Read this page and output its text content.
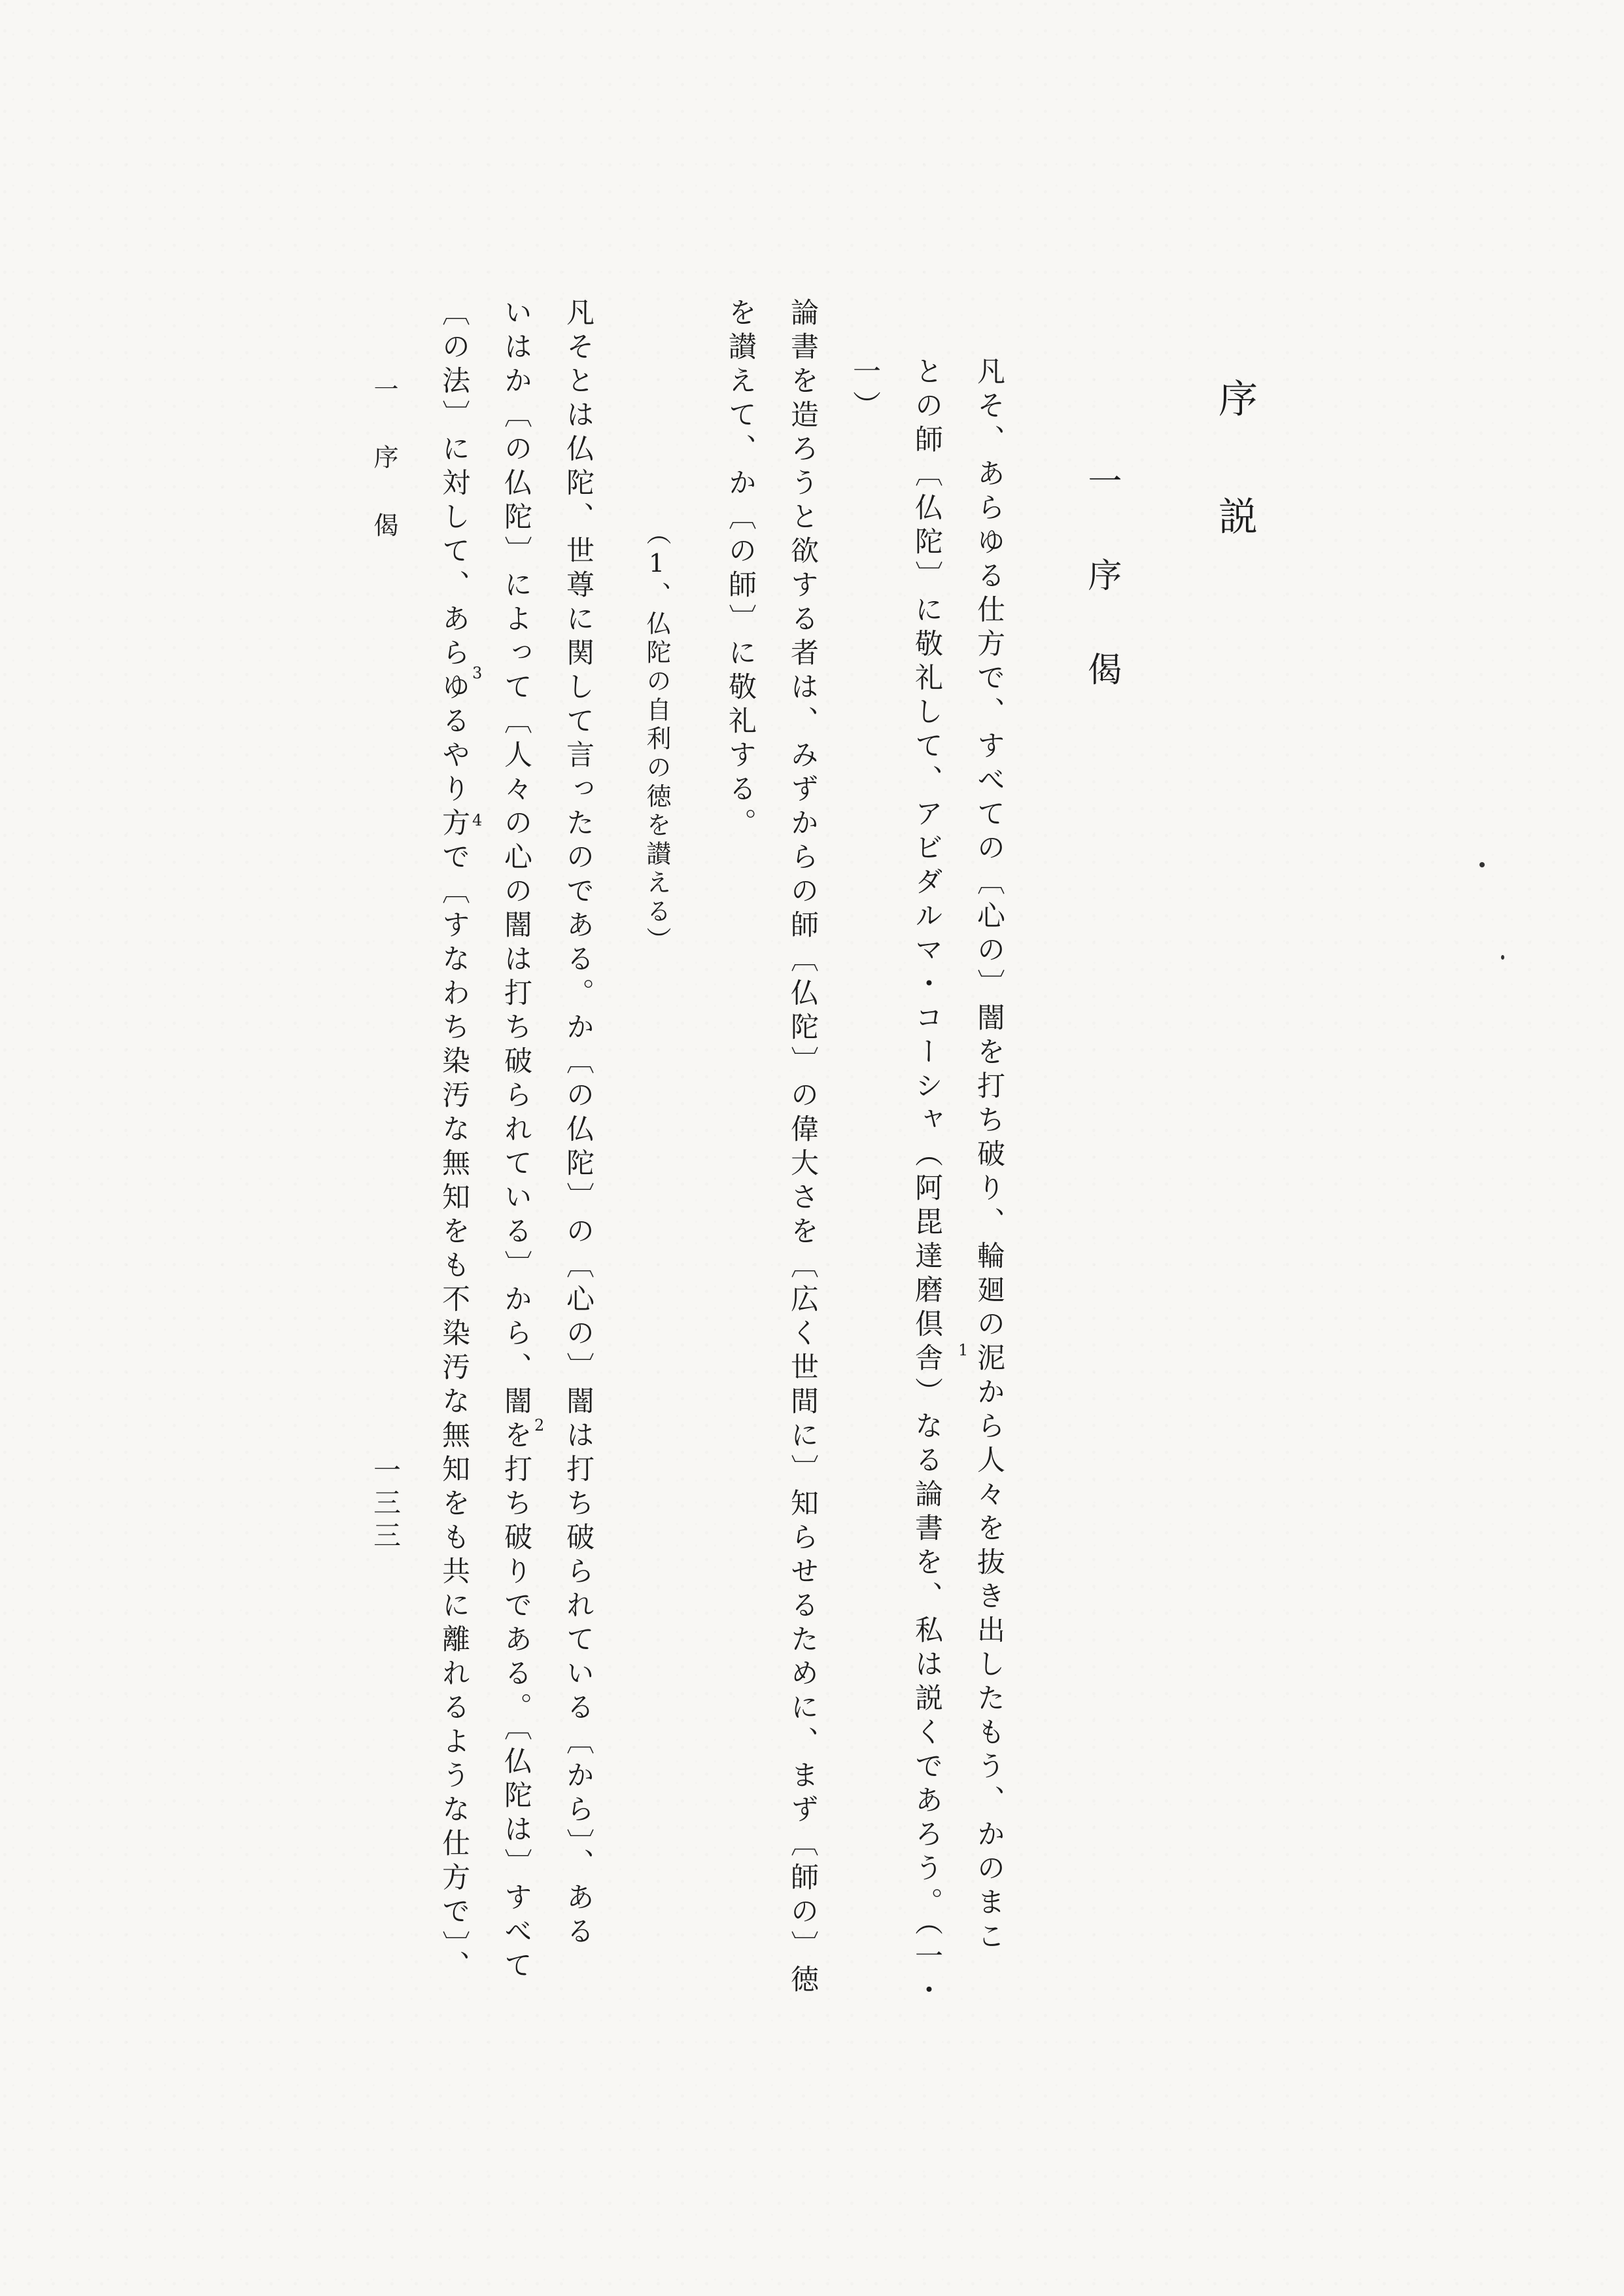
序説
一序偈
凡そ、あらゆる仕方で、すべての〔心の〕闇を打ち破り、輪廻の泥から人々を抜き出したもう、かのまこ
との師〔仏陀〕に敬礼して、アビダルマ・コーシャ（阿毘達磨倶舎）なる論書を、私は説くであろう。（一・ 1
一）
論書を造ろうと欲する者は、みずからの師〔仏陀〕の偉大さを〔広く世間に〕知らせるために、まず〔師の〕徳
を讃えて、か〔の師〕に敬礼する。
（1、仏陀の自利の徳を讃える）
凡そとは仏陀、世尊に関して言ったのである。か〔の仏陀〕の〔心の〕闇は打ち破られている〔から〕、ある
いはか〔の仏陀〕によって〔人々の心の闇は打ち破られている〕から、闇を打ち破りである。〔仏陀は〕すべて 2
〔の法〕に対して、あらゆるやり方で〔すなわち染汚な無知をも不染汚な無知をも共に離れるような仕方で〕、 3
4
一　序　偈
一三三
